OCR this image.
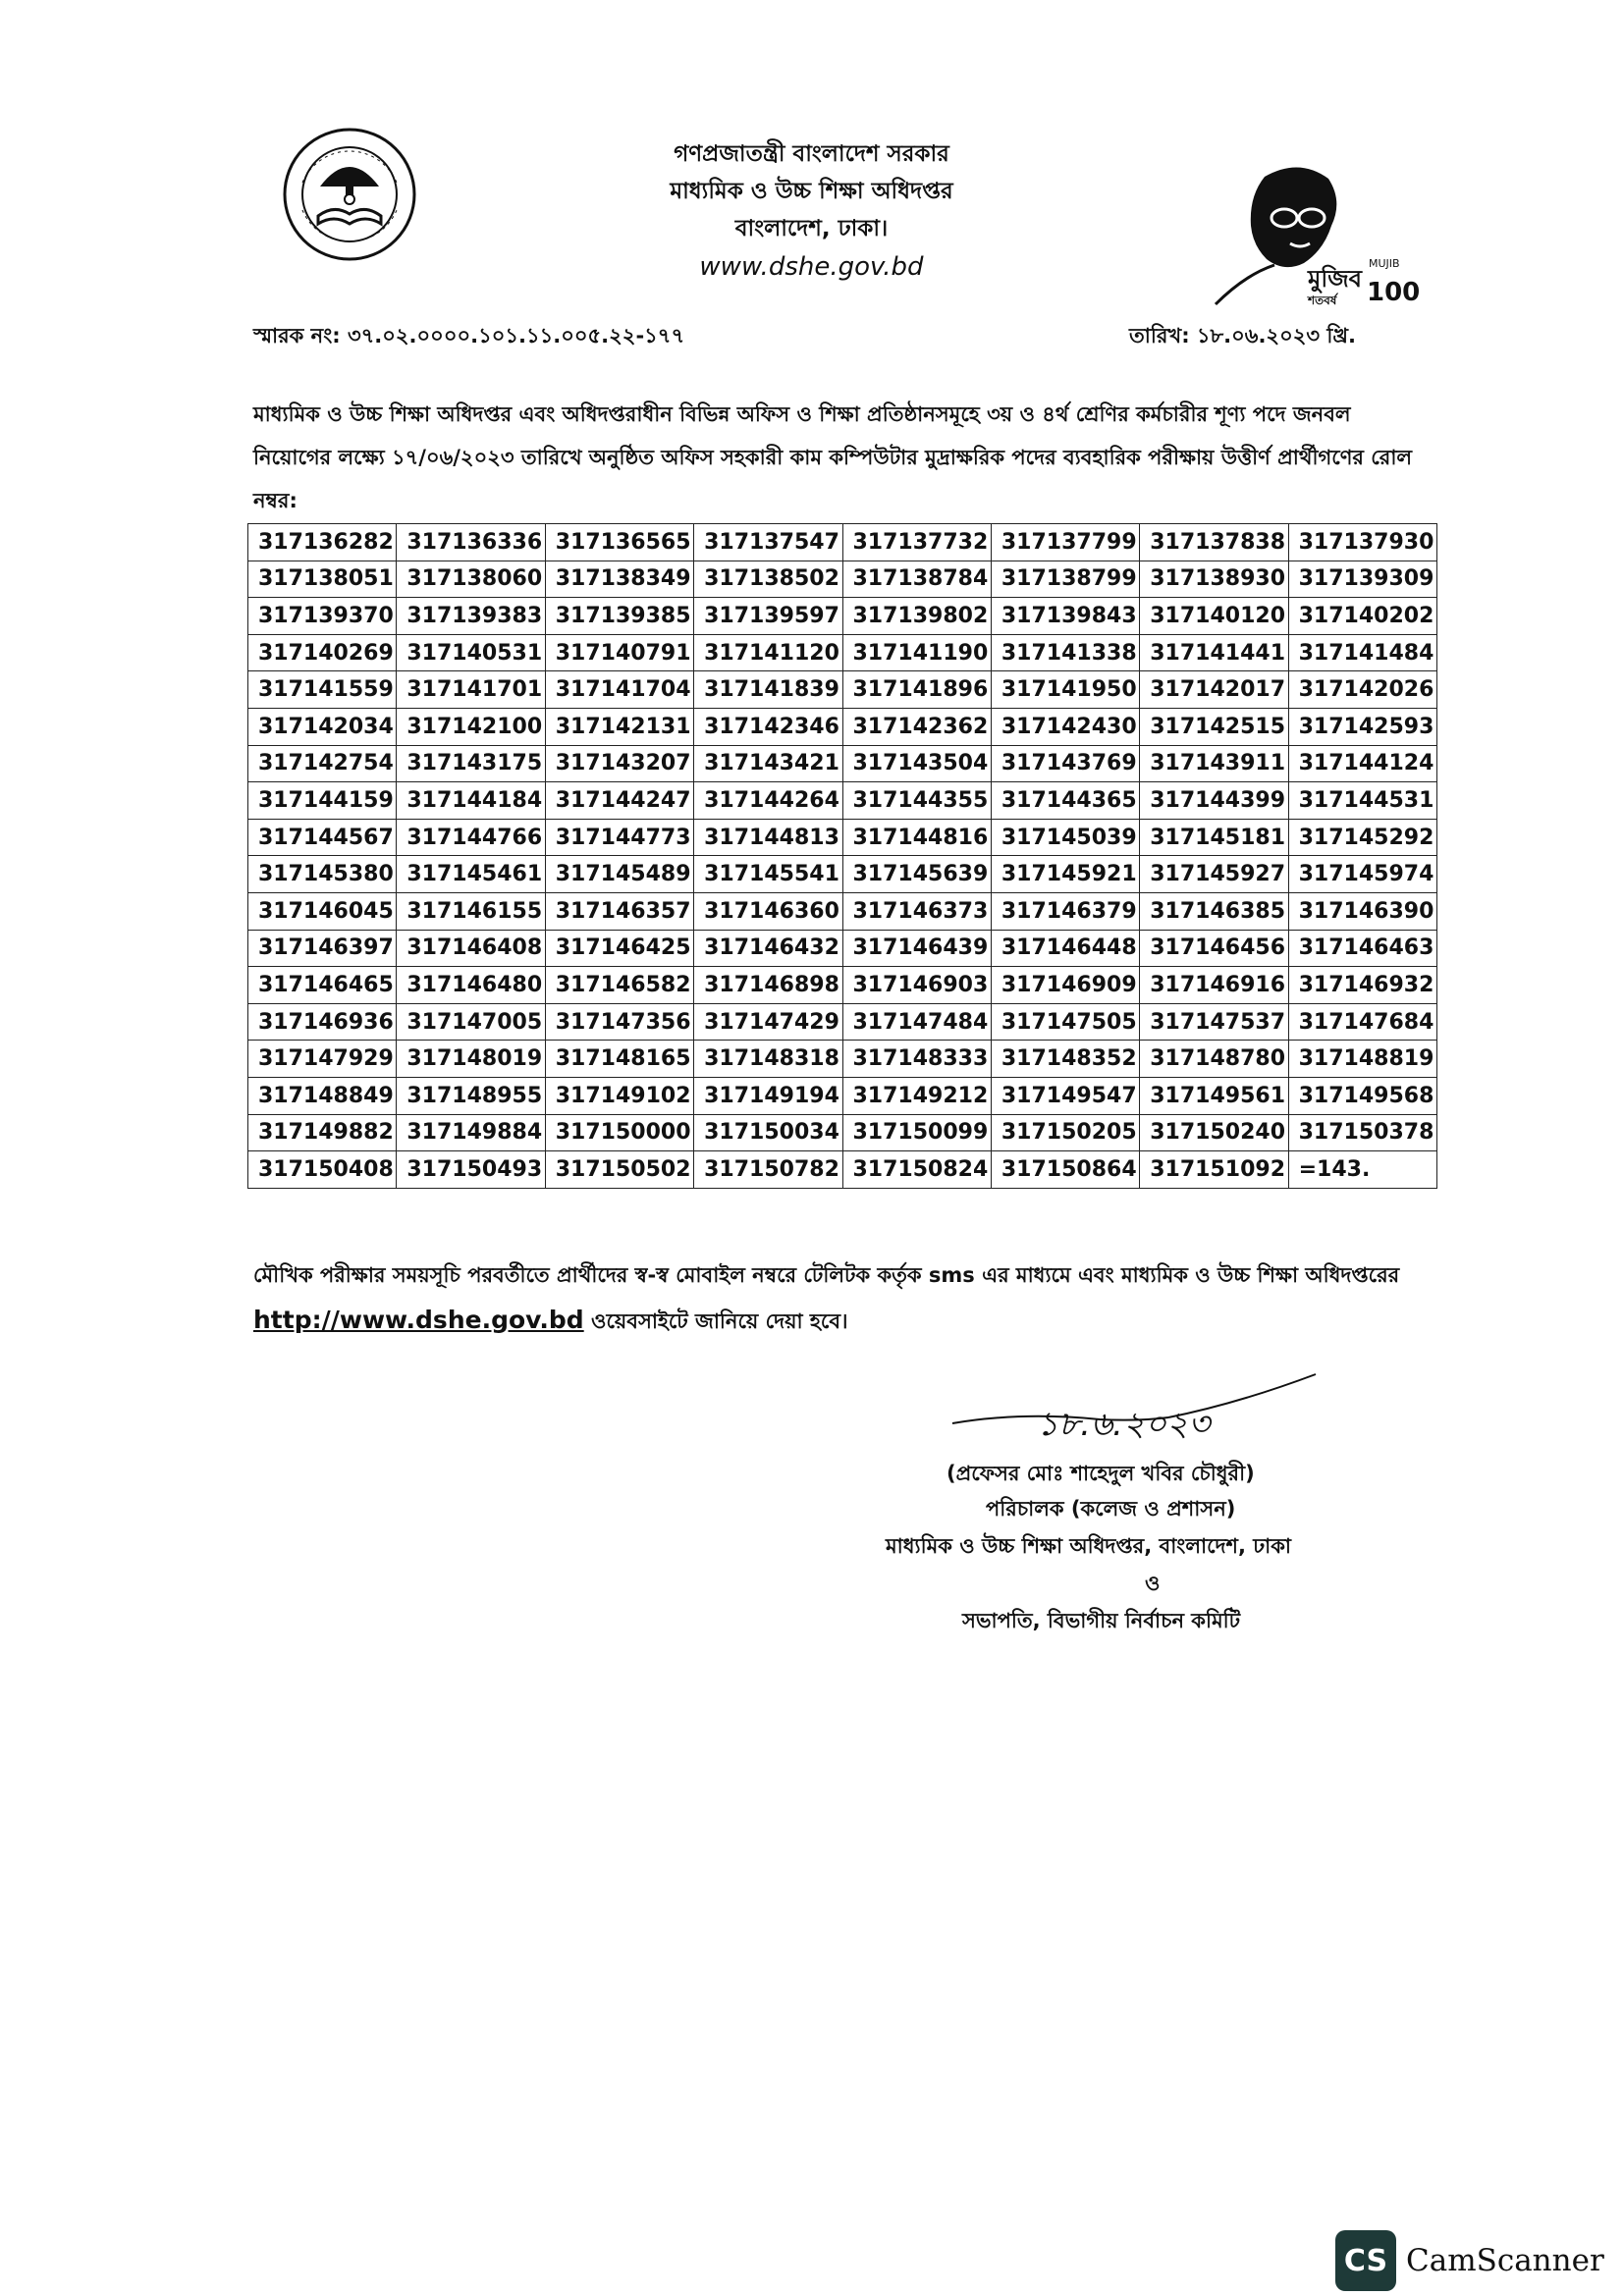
গণপ্রজাতন্ত্রী বাংলাদেশ সরকার
মাধ্যমিক ও উচ্চ শিক্ষা অধিদপ্তর
বাংলাদেশ, ঢাকা।
www.dshe.gov.bd	মুজিব
শতবর্ষ
MUJIB
100
স্মারক নং: ৩৭.০২.০০০০.১০১.১১.০০৫.২২-১৭৭	তারিখ: ১৮.০৬.২০২৩ খ্রি.
মাধ্যমিক ও উচ্চ শিক্ষা অধিদপ্তর এবং অধিদপ্তরাধীন বিভিন্ন অফিস ও শিক্ষা প্রতিষ্ঠানসমূহে ৩য় ও ৪র্থ শ্রেণির কর্মচারীর শূণ্য পদে জনবল নিয়োগের লক্ষ্যে ১৭/০৬/২০২৩ তারিখে অনুষ্ঠিত অফিস সহকারী কাম কম্পিউটার মুদ্রাক্ষরিক পদের ব্যবহারিক পরীক্ষায় উত্তীর্ণ প্রার্থীগণের রোল নম্বর:
317136282	317136336	317136565	317137547	317137732	317137799	317137838	317137930
317138051	317138060	317138349	317138502	317138784	317138799	317138930	317139309
317139370	317139383	317139385	317139597	317139802	317139843	317140120	317140202
317140269	317140531	317140791	317141120	317141190	317141338	317141441	317141484
317141559	317141701	317141704	317141839	317141896	317141950	317142017	317142026
317142034	317142100	317142131	317142346	317142362	317142430	317142515	317142593
317142754	317143175	317143207	317143421	317143504	317143769	317143911	317144124
317144159	317144184	317144247	317144264	317144355	317144365	317144399	317144531
317144567	317144766	317144773	317144813	317144816	317145039	317145181	317145292
317145380	317145461	317145489	317145541	317145639	317145921	317145927	317145974
317146045	317146155	317146357	317146360	317146373	317146379	317146385	317146390
317146397	317146408	317146425	317146432	317146439	317146448	317146456	317146463
317146465	317146480	317146582	317146898	317146903	317146909	317146916	317146932
317146936	317147005	317147356	317147429	317147484	317147505	317147537	317147684
317147929	317148019	317148165	317148318	317148333	317148352	317148780	317148819
317148849	317148955	317149102	317149194	317149212	317149547	317149561	317149568
317149882	317149884	317150000	317150034	317150099	317150205	317150240	317150378
317150408	317150493	317150502	317150782	317150824	317150864	317151092	=143.
মৌখিক পরীক্ষার সময়সূচি পরবর্তীতে প্রার্থীদের স্ব-স্ব মোবাইল নম্বরে টেলিটক কর্তৃক sms এর মাধ্যমে এবং মাধ্যমিক ও উচ্চ শিক্ষা অধিদপ্তরের http://www.dshe.gov.bd ওয়েবসাইটে জানিয়ে দেয়া হবে।
১৮.৬.২০২৩
(প্রফেসর মোঃ শাহেদুল খবির চৌধুরী)
পরিচালক (কলেজ ও প্রশাসন)
মাধ্যমিক ও উচ্চ শিক্ষা অধিদপ্তর, বাংলাদেশ, ঢাকা
ও
সভাপতি, বিভাগীয় নির্বাচন কমিটি
CS CamScanner
